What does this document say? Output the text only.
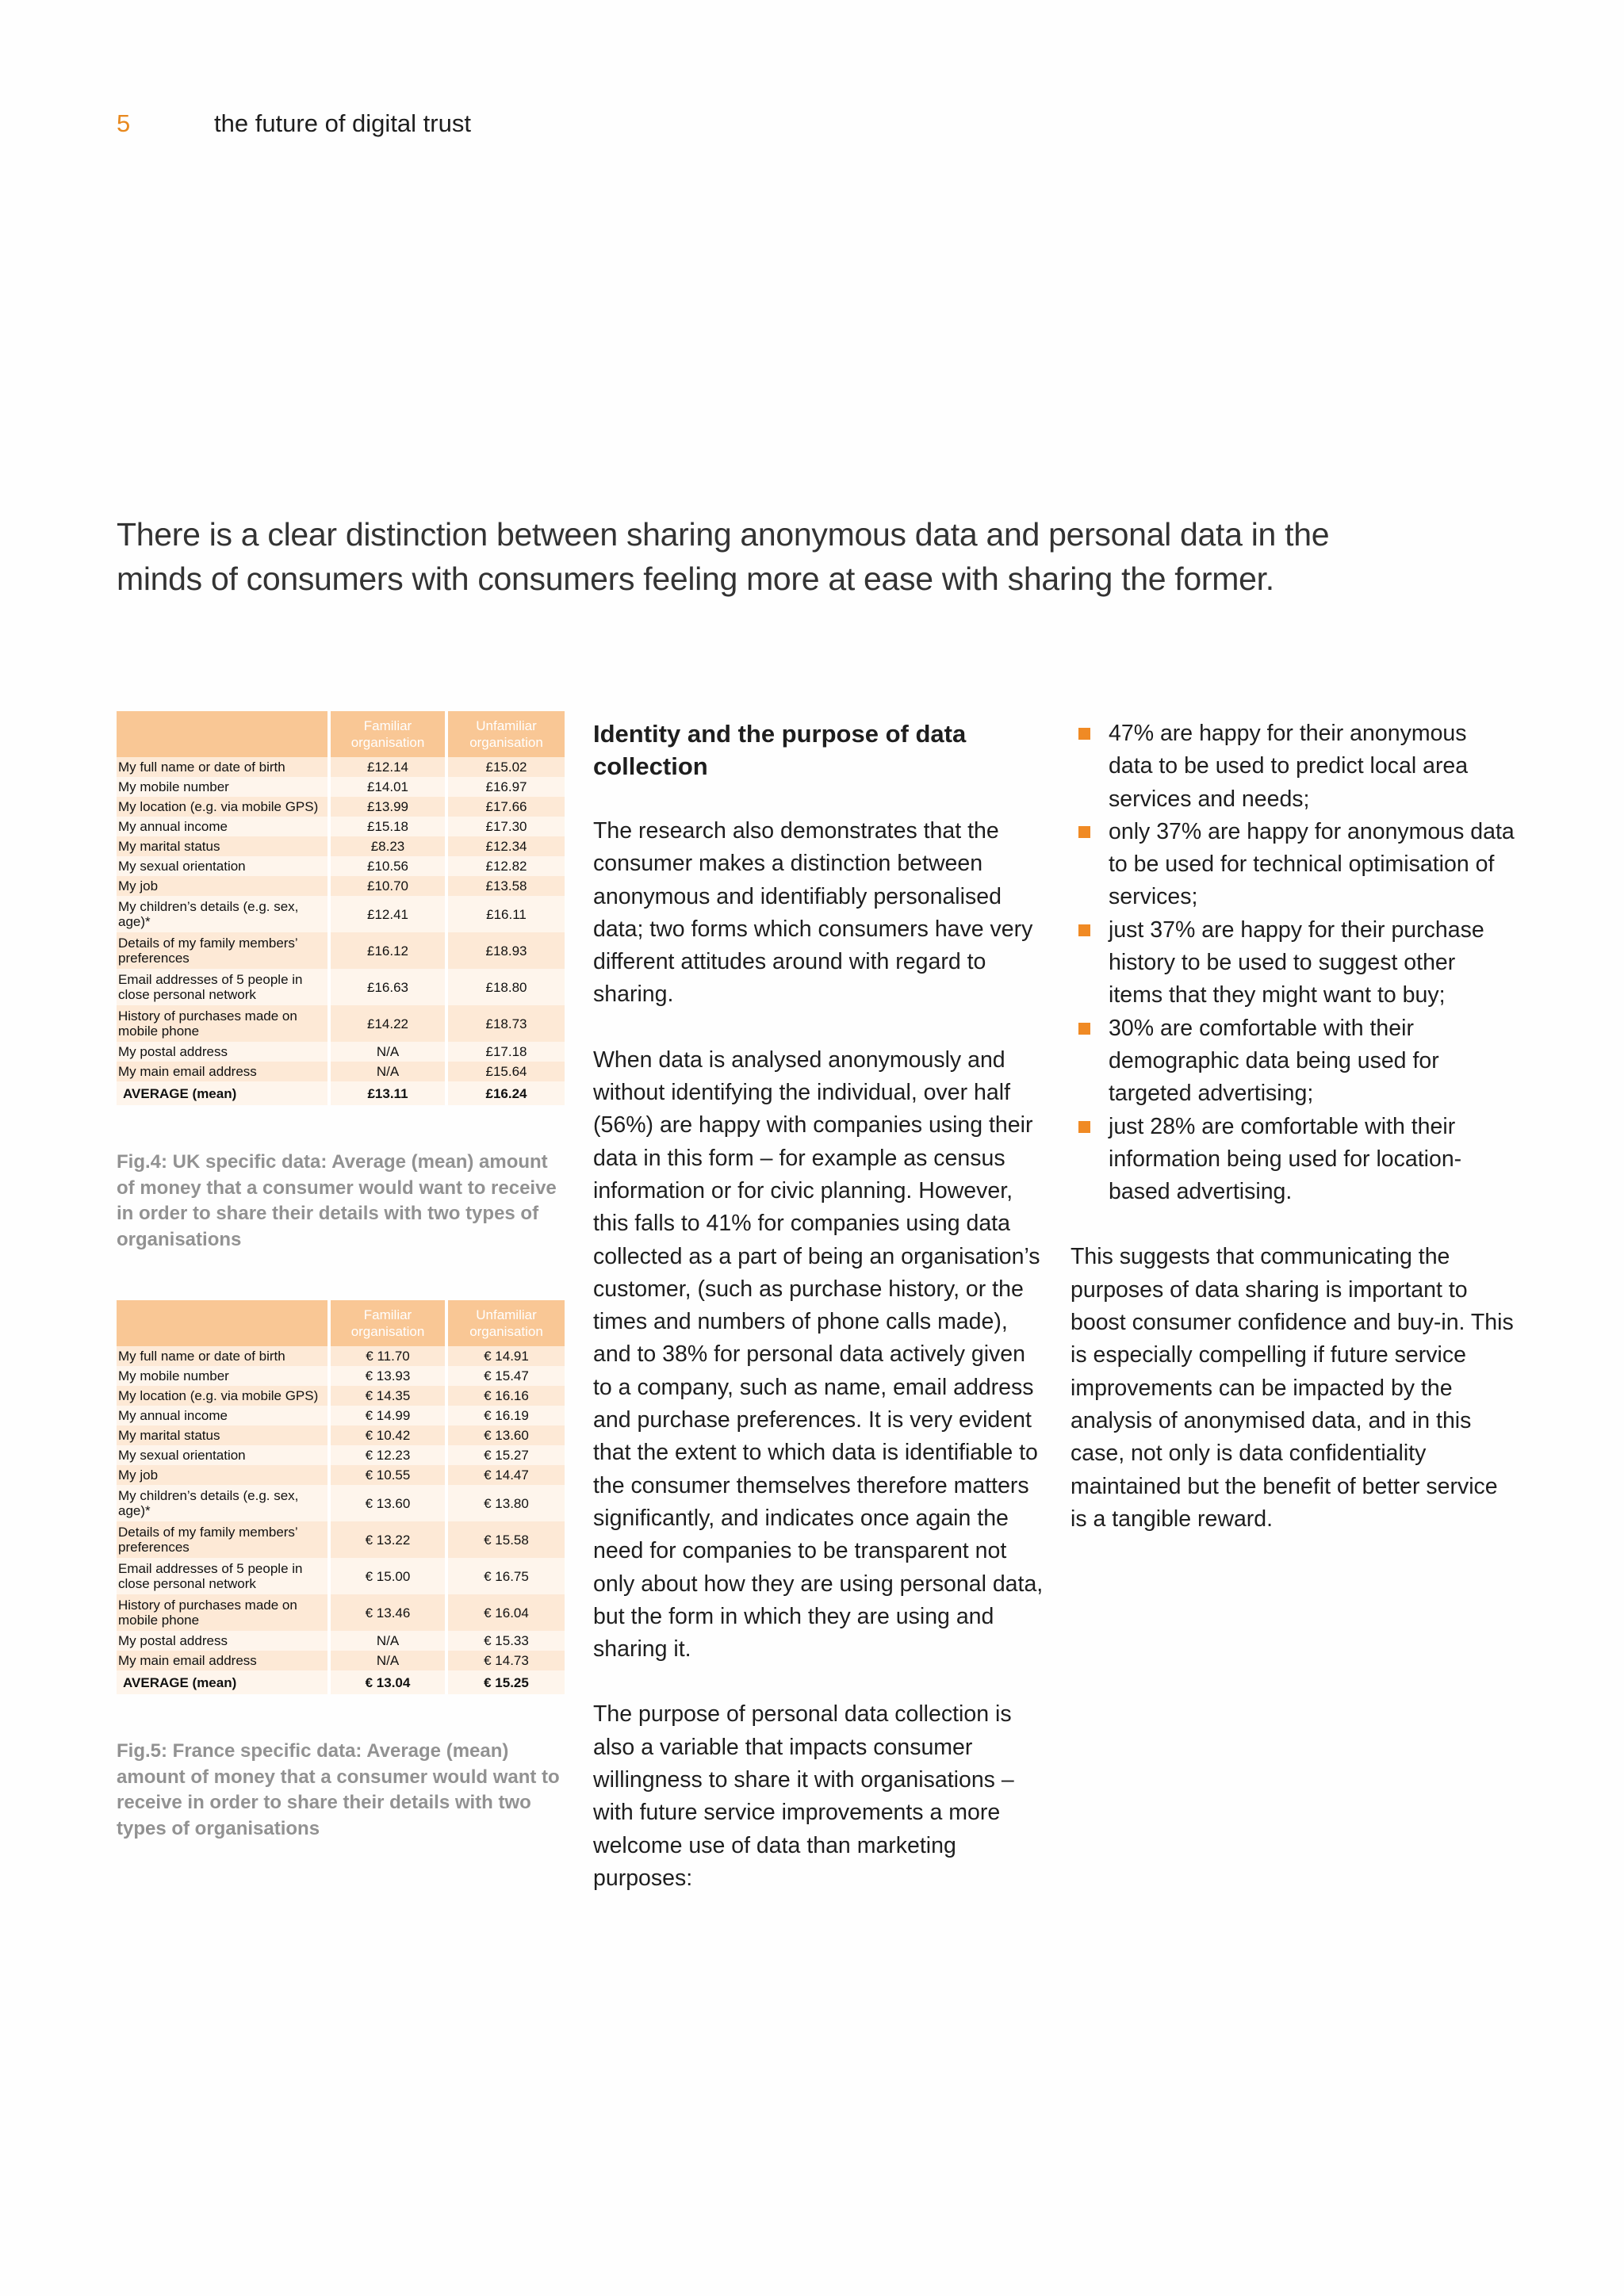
5	the future of digital trust
There is a clear distinction between sharing anonymous data and personal data in the minds of consumers with consumers feeling more at ease with sharing the former.
	Familiar organisation	Unfamiliar organisation
My full name or date of birth	£12.14	£15.02
My mobile number	£14.01	£16.97
My location (e.g. via mobile GPS)	£13.99	£17.66
My annual income	£15.18	£17.30
My marital status	£8.23	£12.34
My sexual orientation	£10.56	£12.82
My job	£10.70	£13.58
My children’s details (e.g. sex, age)*	£12.41	£16.11
Details of my family members’ preferences	£16.12	£18.93
Email addresses of 5 people in close personal network	£16.63	£18.80
History of purchases made on mobile phone	£14.22	£18.73
My postal address	N/A	£17.18
My main email address	N/A	£15.64
AVERAGE (mean)	£13.11	£16.24
Fig.4: UK specific data: Average (mean) amount of money that a consumer would want to receive in order to share their details with two types of organisations
	Familiar organisation	Unfamiliar organisation
My full name or date of birth	€ 11.70	€ 14.91
My mobile number	€ 13.93	€ 15.47
My location (e.g. via mobile GPS)	€ 14.35	€ 16.16
My annual income	€ 14.99	€ 16.19
My marital status	€ 10.42	€ 13.60
My sexual orientation	€ 12.23	€ 15.27
My job	€ 10.55	€ 14.47
My children’s details (e.g. sex, age)*	€ 13.60	€ 13.80
Details of my family members’ preferences	€ 13.22	€ 15.58
Email addresses of 5 people in close personal network	€ 15.00	€ 16.75
History of purchases made on mobile phone	€ 13.46	€ 16.04
My postal address	N/A	€ 15.33
My main email address	N/A	€ 14.73
AVERAGE (mean)	€ 13.04	€ 15.25
Fig.5: France specific data: Average (mean) amount of money that a consumer would want to receive in order to share their details with two types of organisations
Identity and the purpose of data collection

The research also demonstrates that the consumer makes a distinction between anonymous and identifiably personalised data; two forms which consumers have very different attitudes around with regard to sharing.

When data is analysed anonymously and without identifying the individual, over half (56%) are happy with companies using their data in this form – for example as census information or for civic planning. However, this falls to 41% for companies using data collected as a part of being an organisation’s customer, (such as purchase history, or the times and numbers of phone calls made), and to 38% for personal data actively given to a company, such as name, email address and purchase preferences. It is very evident that the extent to which data is identifiable to the consumer themselves therefore matters significantly, and indicates once again the need for companies to be transparent not only about how they are using personal data, but the form in which they are using and sharing it.

The purpose of personal data collection is also a variable that impacts consumer willingness to share it with organisations – with future service improvements a more welcome use of data than marketing purposes:

47% are happy for their anonymous data to be used to predict local area services and needs;
only 37% are happy for anonymous data to be used for technical optimisation of services;
just 37% are happy for their purchase history to be used to suggest other items that they might want to buy;
30% are comfortable with their demographic data being used for targeted advertising;
just 28% are comfortable with their information being used for location-based advertising.

This suggests that communicating the purposes of data sharing is important to boost consumer confidence and buy-in. This is especially compelling if future service improvements can be impacted by the analysis of anonymised data, and in this case, not only is data confidentiality maintained but the benefit of better service is a tangible reward.
